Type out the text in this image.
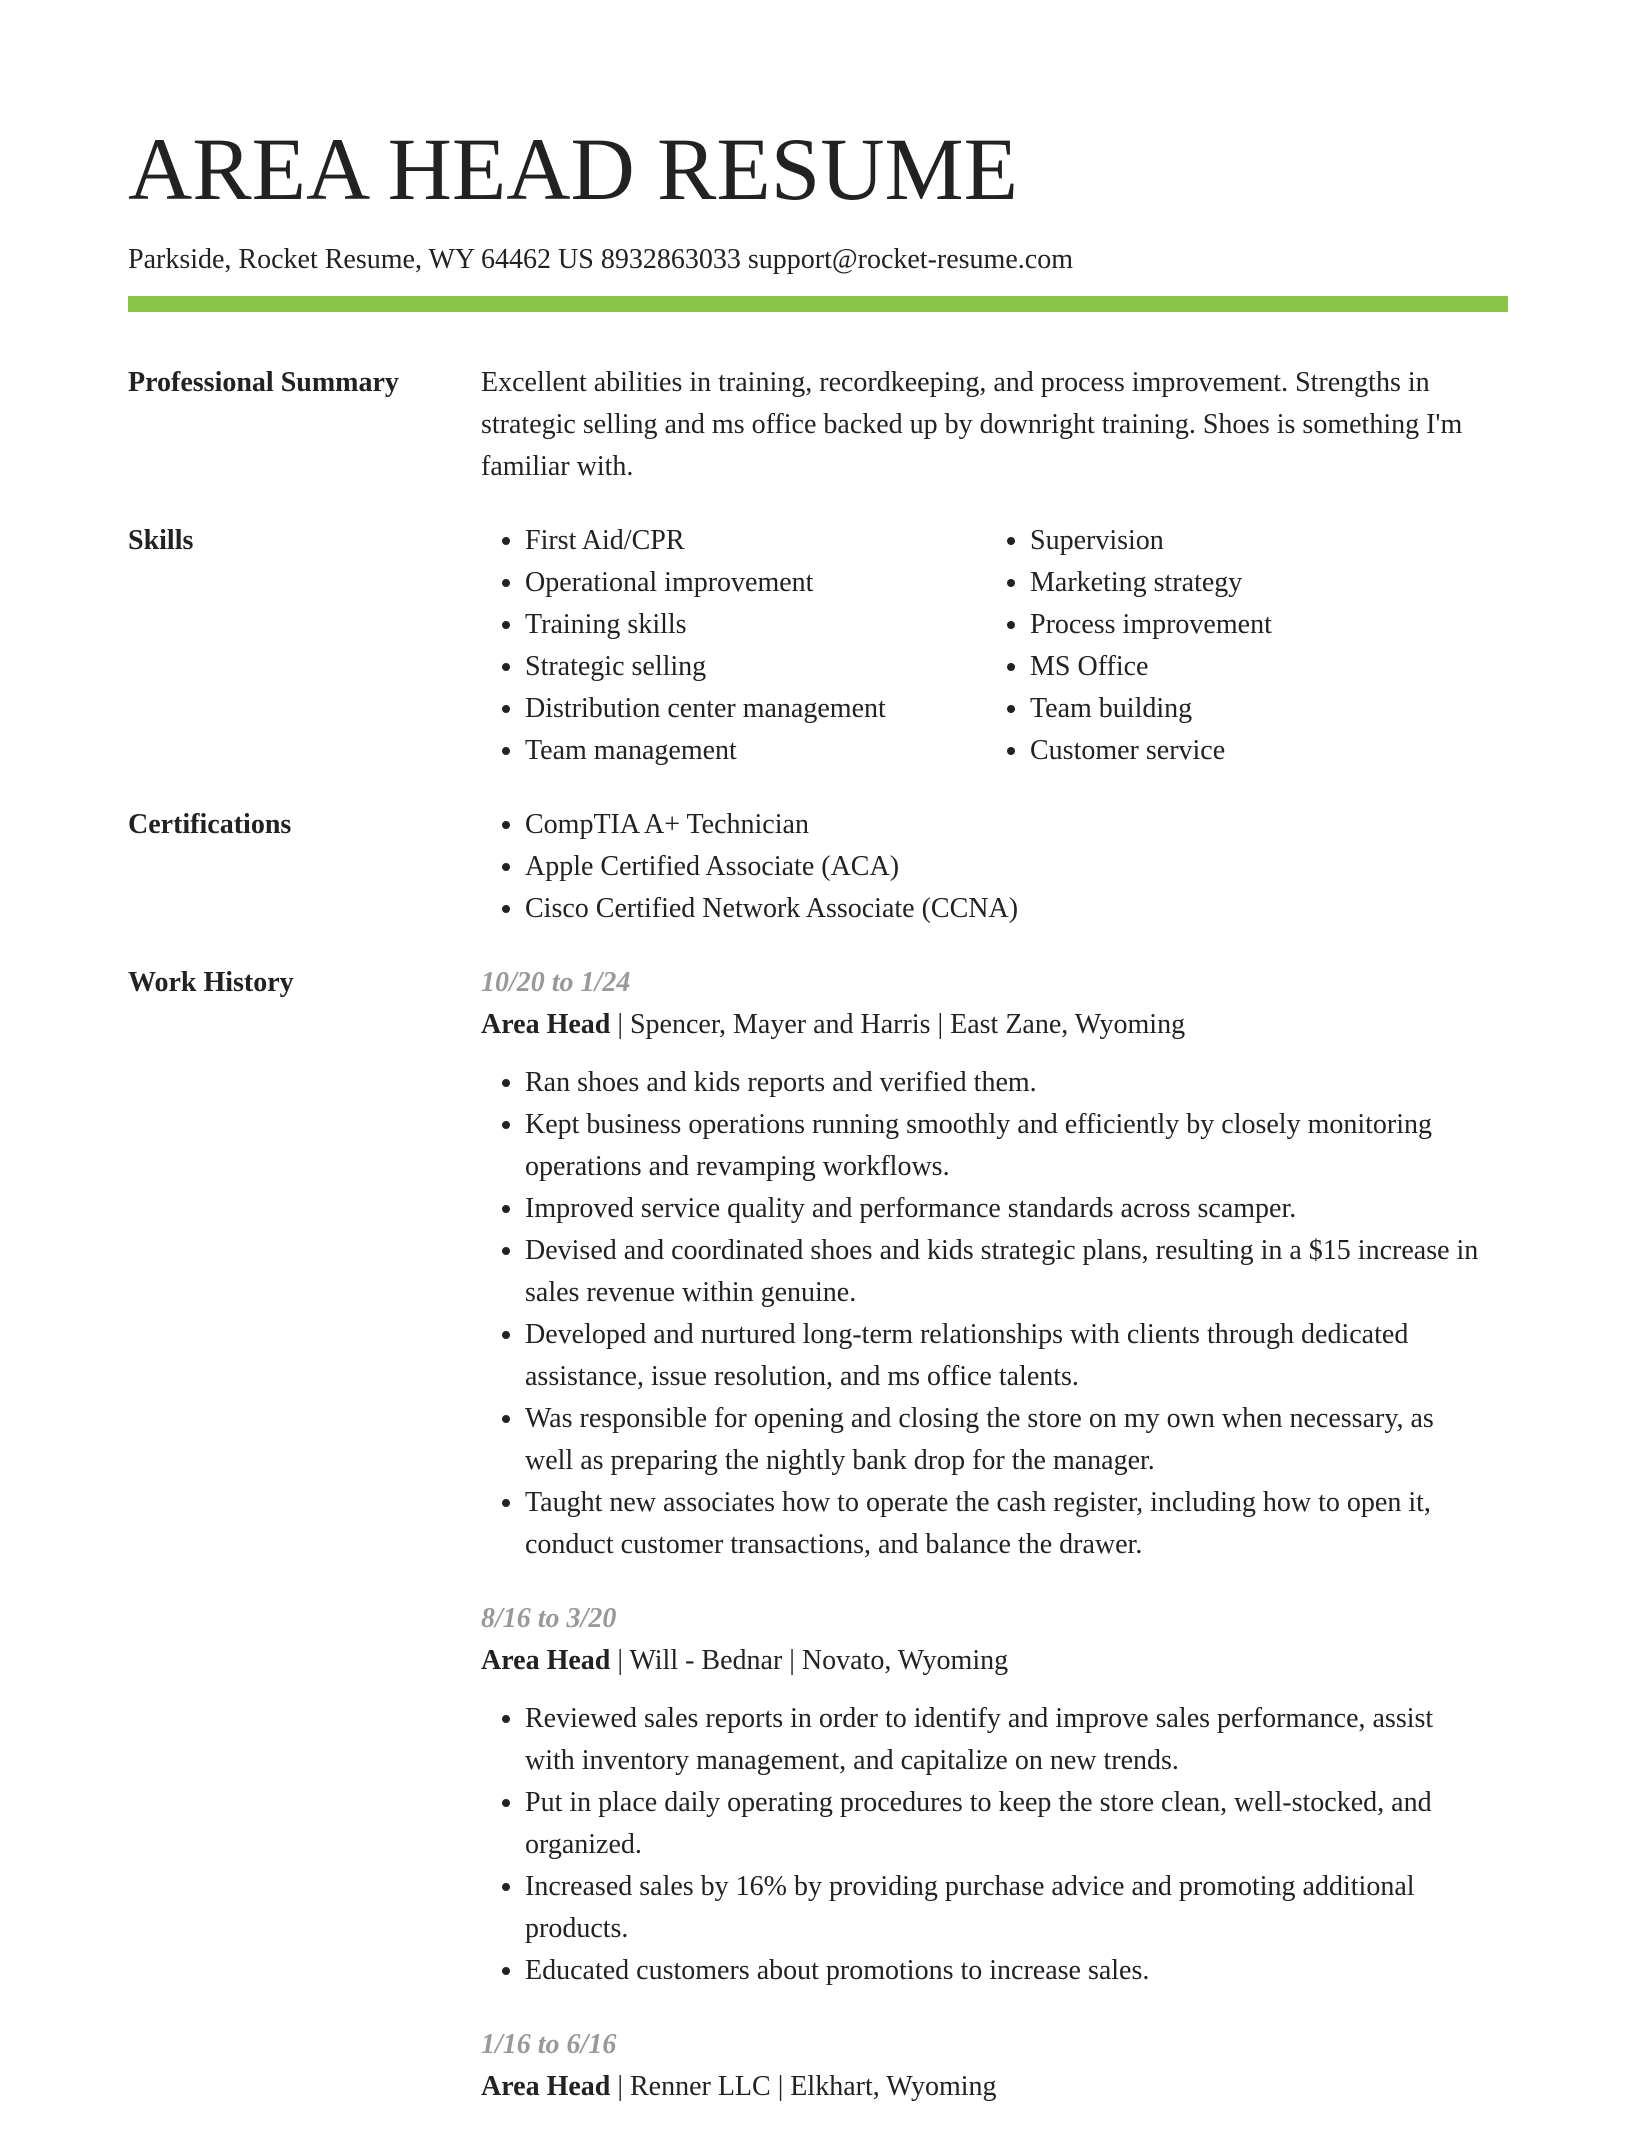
AREA HEAD RESUME
Parkside, Rocket Resume, WY 64462 US 8932863033 support@rocket-resume.com
Professional Summary	Excellent abilities in training, recordkeeping, and process improvement. Strengths in strategic selling and ms office backed up by downright training. Shoes is something I'm familiar with.

Skills	• First Aid/CPR
• Operational improvement
• Training skills
• Strategic selling
• Distribution center management
• Team management
• Supervision
• Marketing strategy
• Process improvement
• MS Office
• Team building
• Customer service
Certifications	• CompTIA A+ Technician
• Apple Certified Associate (ACA)
• Cisco Certified Network Associate (CCNA)
Work History	10/20 to 1/24
Area Head | Spencer, Mayer and Harris | East Zane, Wyoming
• Ran shoes and kids reports and verified them.
• Kept business operations running smoothly and efficiently by closely monitoring operations and revamping workflows.
• Improved service quality and performance standards across scamper.
• Devised and coordinated shoes and kids strategic plans, resulting in a $15 increase in sales revenue within genuine.
• Developed and nurtured long-term relationships with clients through dedicated assistance, issue resolution, and ms office talents.
• Was responsible for opening and closing the store on my own when necessary, as well as preparing the nightly bank drop for the manager.
• Taught new associates how to operate the cash register, including how to open it, conduct customer transactions, and balance the drawer.
8/16 to 3/20
Area Head | Will - Bednar | Novato, Wyoming
• Reviewed sales reports in order to identify and improve sales performance, assist with inventory management, and capitalize on new trends.
• Put in place daily operating procedures to keep the store clean, well-stocked, and organized.
• Increased sales by 16% by providing purchase advice and promoting additional products.
• Educated customers about promotions to increase sales.
1/16 to 6/16
Area Head | Renner LLC | Elkhart, Wyoming
